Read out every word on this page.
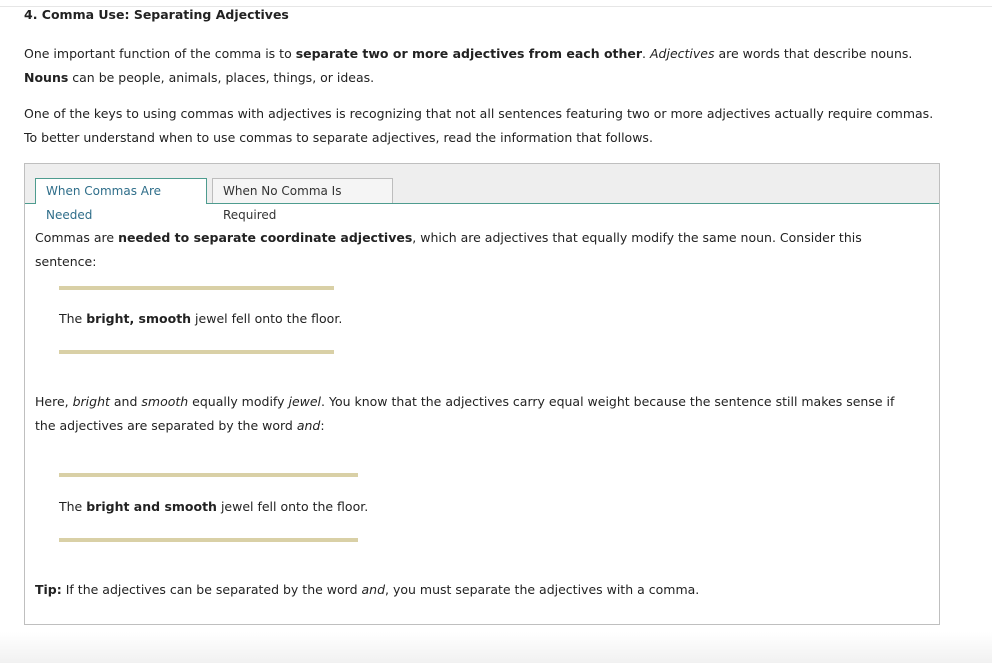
4. Comma Use: Separating Adjectives

One important function of the comma is to separate two or more adjectives from each other. Adjectives are words that describe nouns. Nouns can be people, animals, places, things, or ideas.

One of the keys to using commas with adjectives is recognizing that not all sentences featuring two or more adjectives actually require commas. To better understand when to use commas to separate adjectives, read the information that follows.

When Commas Are Needed
When No Comma Is Required

Commas are needed to separate coordinate adjectives, which are adjectives that equally modify the same noun. Consider this sentence:

The bright, smooth jewel fell onto the floor.

Here, bright and smooth equally modify jewel. You know that the adjectives carry equal weight because the sentence still makes sense if the adjectives are separated by the word and:

The bright and smooth jewel fell onto the floor.

Tip: If the adjectives can be separated by the word and, you must separate the adjectives with a comma.
